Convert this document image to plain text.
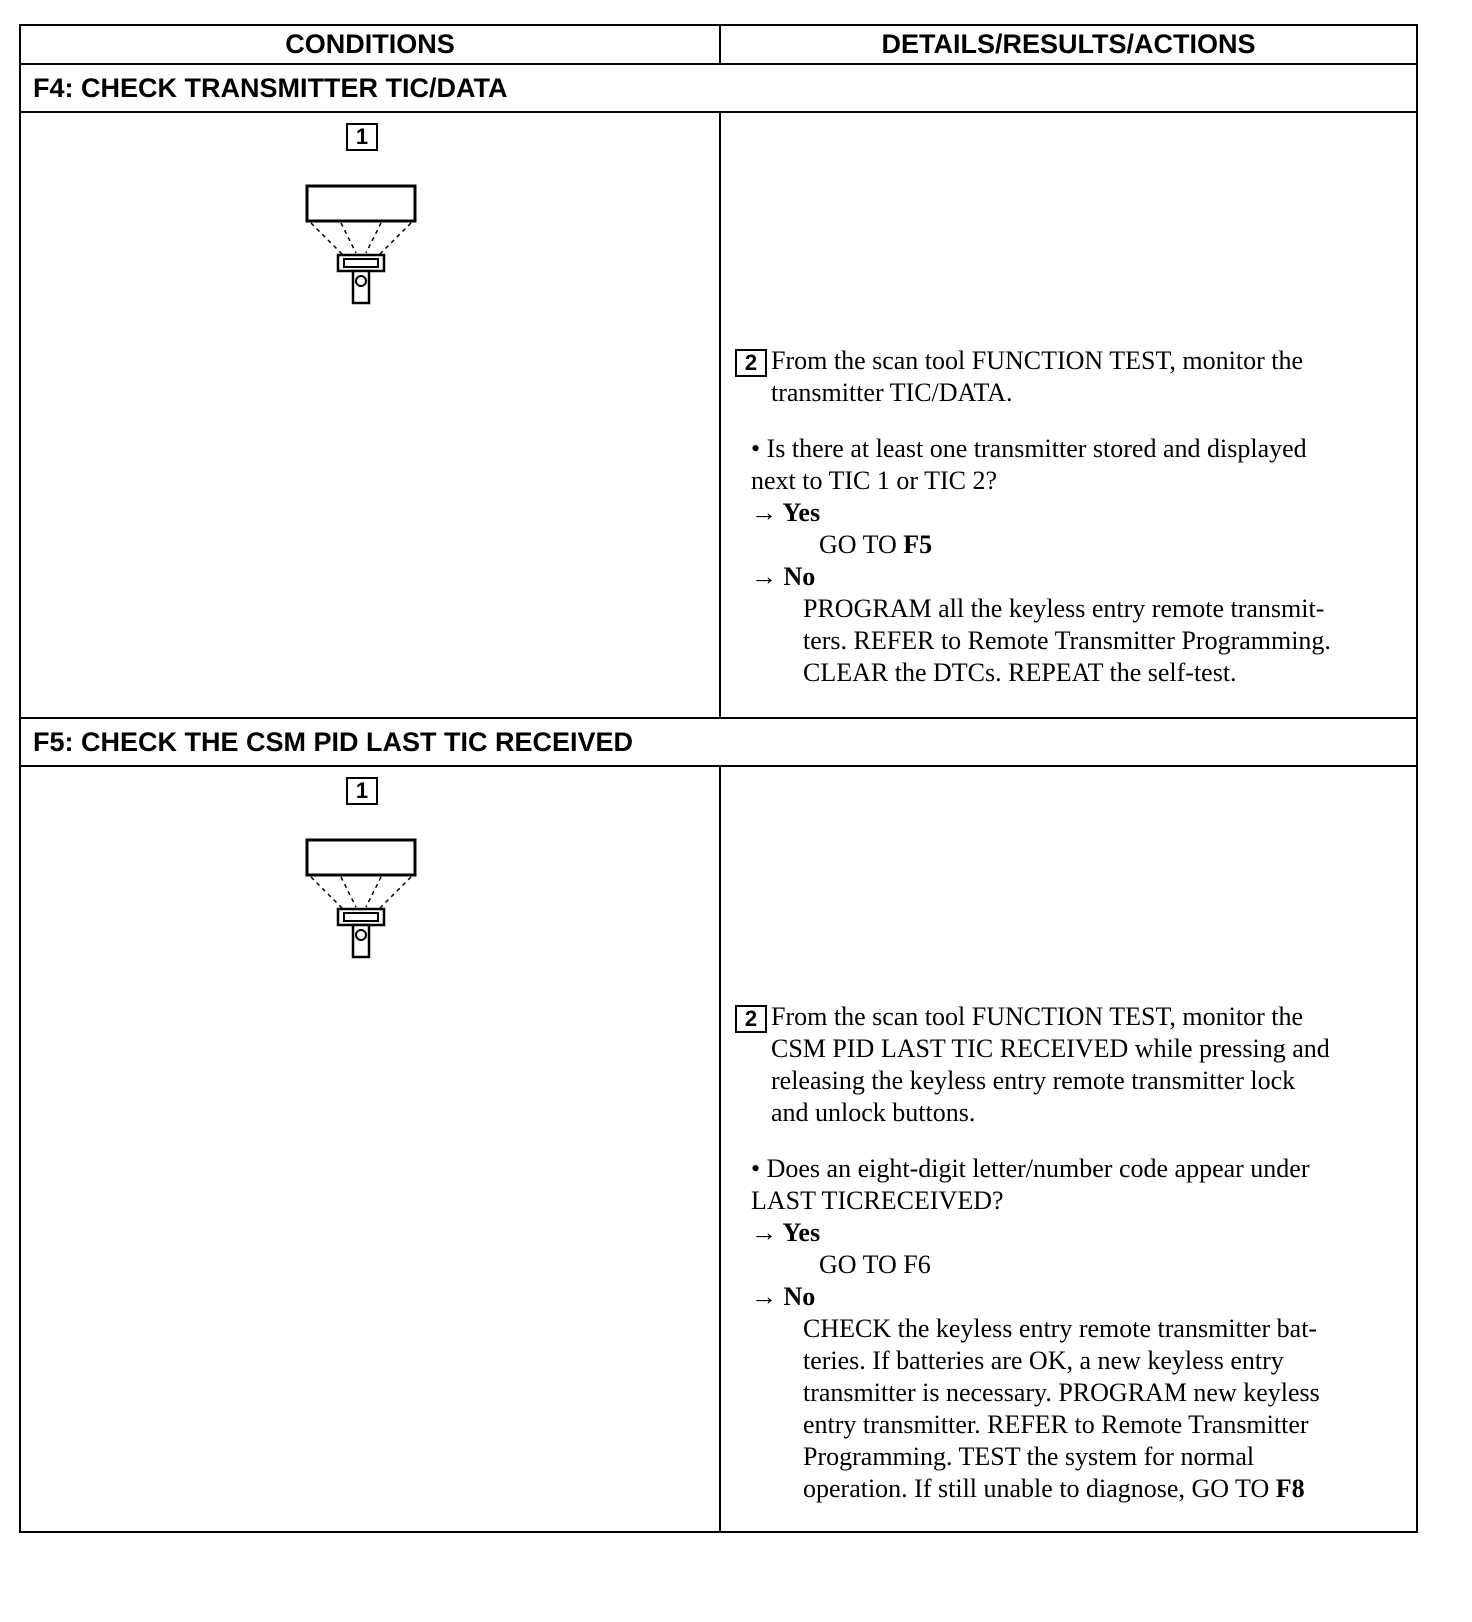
CONDITIONS	DETAILS/RESULTS/ACTIONS
F4: CHECK TRANSMITTER TIC/DATA
1

2 From the scan tool FUNCTION TEST, monitor the

transmitter TIC/DATA.

• Is there at least one transmitter stored and displayed

next to TIC 1 or TIC 2?

→ Yes

GO TO F5

→ No

PROGRAM all the keyless entry remote transmit-

ters. REFER to Remote Transmitter Programming.

CLEAR the DTCs. REPEAT the self-test.

F5: CHECK THE CSM PID LAST TIC RECEIVED
1

2 From the scan tool FUNCTION TEST, monitor the

CSM PID LAST TIC RECEIVED while pressing and

releasing the keyless entry remote transmitter lock

and unlock buttons.

• Does an eight-digit letter/number code appear under

LAST TICRECEIVED?

→ Yes

GO TO F6

→ No

CHECK the keyless entry remote transmitter bat-

teries. If batteries are OK, a new keyless entry

transmitter is necessary. PROGRAM new keyless

entry transmitter. REFER to Remote Transmitter

Programming. TEST the system for normal

operation. If still unable to diagnose, GO TO F8
